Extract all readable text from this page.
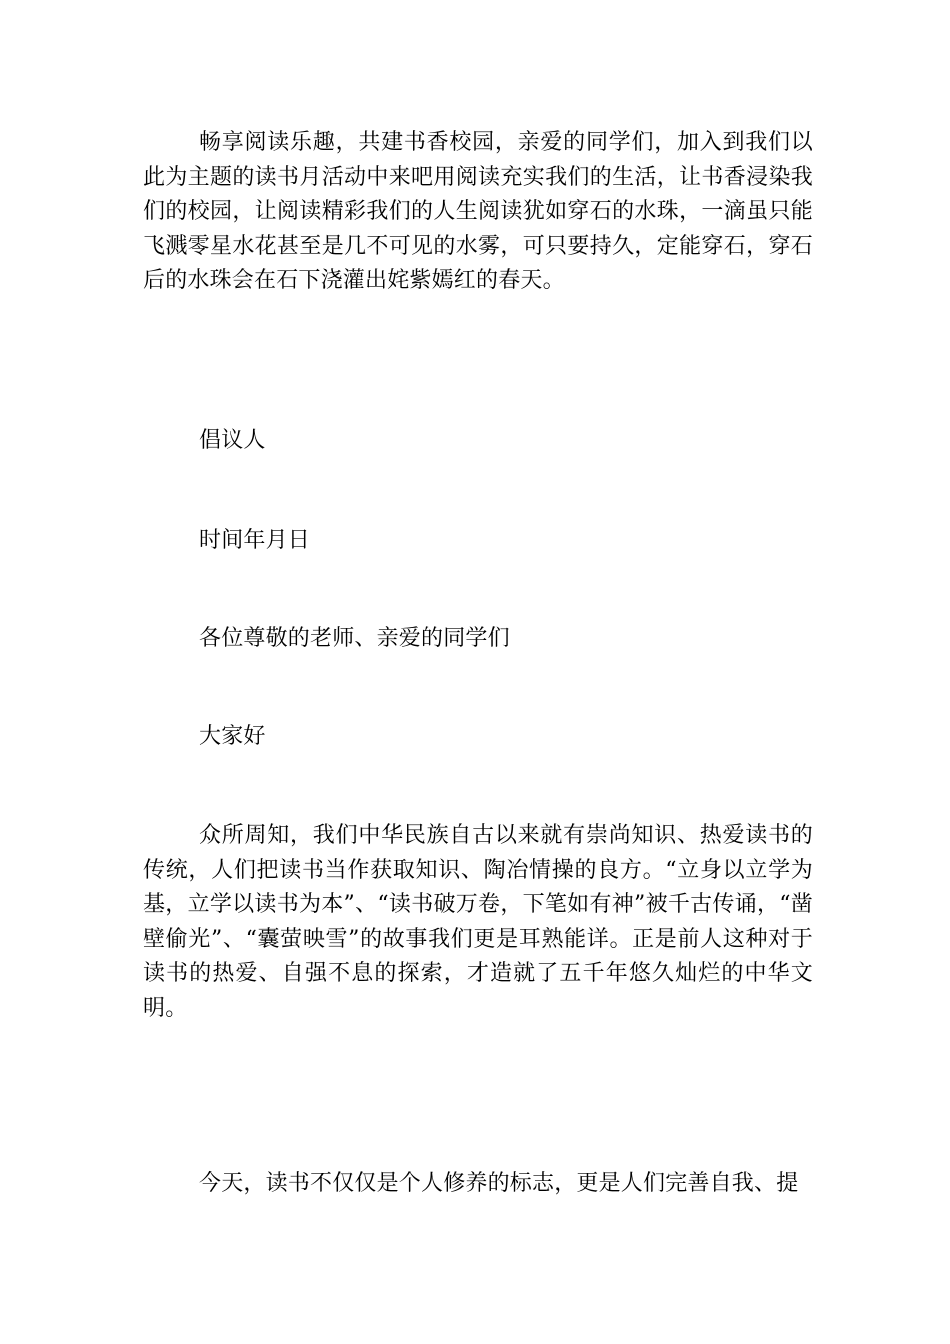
畅享阅读乐趣，共建书香校园，亲爱的同学们，加入到我们以此为主题的读书月活动中来吧用阅读充实我们的生活，让书香浸染我们的校园，让阅读精彩我们的人生阅读犹如穿石的水珠，一滴虽只能飞溅零星水花甚至是几不可见的水雾，可只要持久，定能穿石，穿石后的水珠会在石下浇灌出姹紫嫣红的春天。

倡议人

时间年月日

各位尊敬的老师、亲爱的同学们

大家好

众所周知，我们中华民族自古以来就有崇尚知识、热爱读书的传统，人们把读书当作获取知识、陶冶情操的良方。“立身以立学为基，立学以读书为本”、“读书破万卷，下笔如有神”被千古传诵，“凿壁偷光”、“囊萤映雪”的故事我们更是耳熟能详。正是前人这种对于读书的热爱、自强不息的探索，才造就了五千年悠久灿烂的中华文明。

今天，读书不仅仅是个人修养的标志，更是人们完善自我、提
